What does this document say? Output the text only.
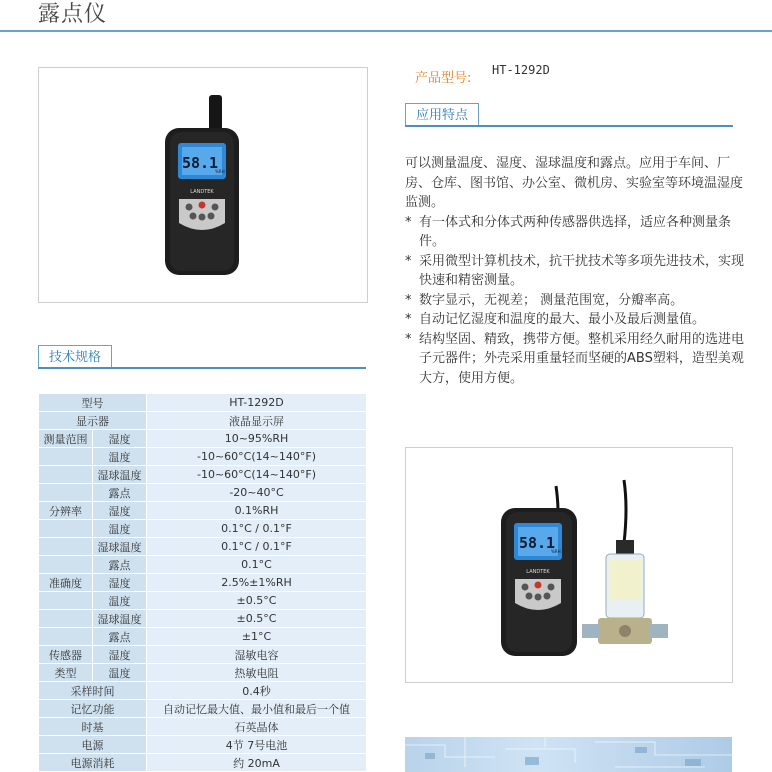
露点仪
58.1
%RH
LANDTEK
产品型号:
HT-1292D
应用特点

可以测量温度、湿度、湿球温度和露点。应用于车间、厂房、仓库、图书馆、办公室、微机房、实验室等环境温湿度监测。

* 有一体式和分体式两种传感器供选择，适应各种测量条件。
* 采用微型计算机技术，抗干扰技术等多项先进技术，实现快速和精密测量。
* 数字显示，无视差； 测量范围宽，分瓣率高。
* 自动记忆湿度和温度的最大、最小及最后测量值。
* 结构坚固、精致，携带方便。整机采用经久耐用的选进电子元器件；外壳采用重量轻而坚硬的ABS塑料，造型美观大方，使用方便。
技术规格
型号		HT-1292D
显示器		液晶显示屏
测量范围	湿度	10~95%RH
	温度	-10~60°C(14~140°F)
	湿球温度	-10~60°C(14~140°F)
	露点	-20~40°C
分辨率	湿度	0.1%RH
	温度	0.1°C / 0.1°F
	湿球温度	0.1°C / 0.1°F
	露点	0.1°C
准确度	湿度	2.5%±1%RH
	温度	±0.5°C
	湿球温度	±0.5°C
	露点	±1°C
传感器	湿度	湿敏电容
类型	温度	热敏电阻
采样时间		0.4秒
记忆功能		自动记忆最大值、最小值和最后一个值
时基		石英晶体
电源		4节 7号电池
电源消耗		约 20mA
58.1
%RH
LANDTEK
